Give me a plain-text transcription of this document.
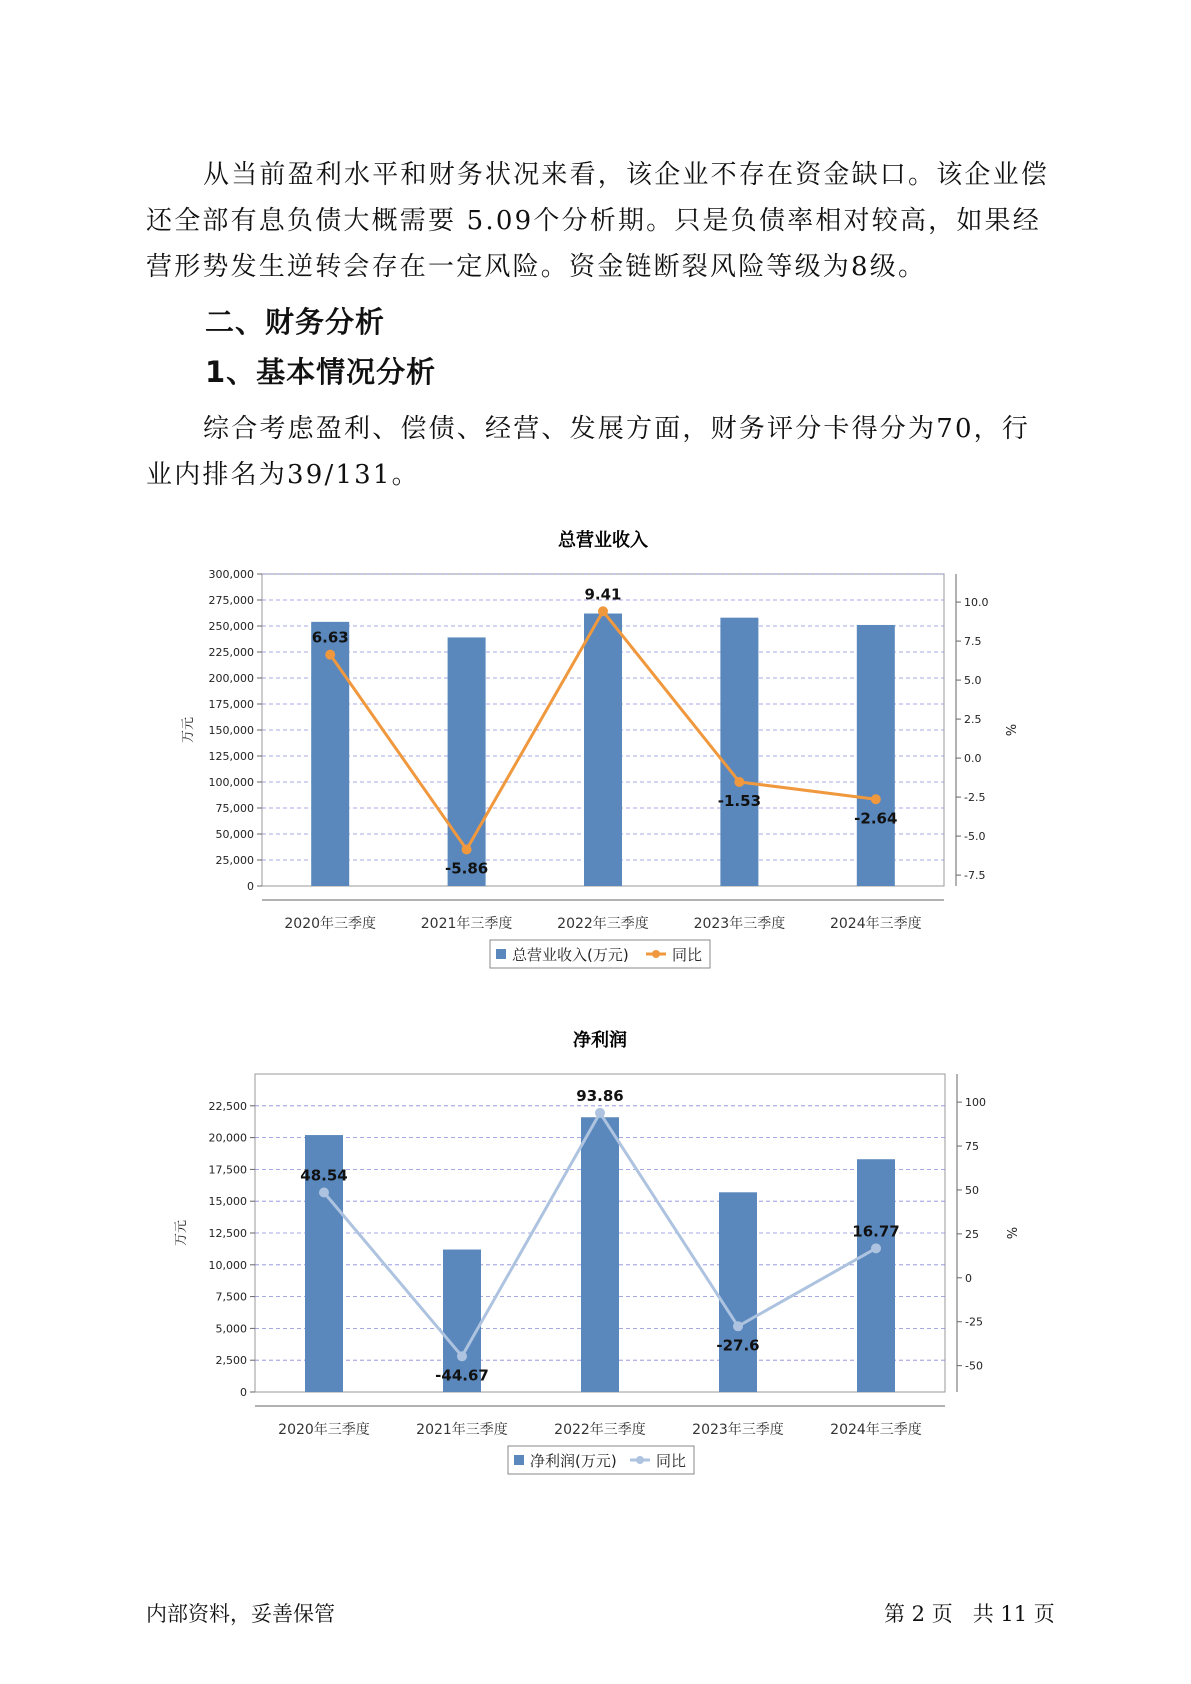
从当前盈利水平和财务状况来看，该企业不存在资金缺口。该企业偿还全部有息负债大概需要 5.09个分析期。只是负债率相对较高，如果经营形势发生逆转会存在一定风险。资金链断裂风险等级为8级。

二、财务分析
1、基本情况分析

综合考虑盈利、偿债、经营、发展方面，财务评分卡得分为70，行业内排名为39/131。

总营业收入
0
25,000
50,000
75,000
100,000
125,000
150,000
175,000
200,000
225,000
250,000
275,000
300,000
-7.5
-5.0
-2.5
0.0
2.5
5.0
7.5
10.0
万元	%
2020年三季度	2021年三季度	2022年三季度	2023年三季度	2024年三季度
6.63
-5.86
9.41
-1.53
-2.64
总营业收入(万元)	同比
净利润
0
2,500
5,000
7,500
10,000
12,500
15,000
17,500
20,000
22,500
-50
-25
0
25
50
75
100
万元	%
2020年三季度	2021年三季度	2022年三季度	2023年三季度	2024年三季度
48.54
-44.67
93.86
-27.6
16.77
净利润(万元)	同比
内部资料，妥善保管	第 2 页   共 11 页
